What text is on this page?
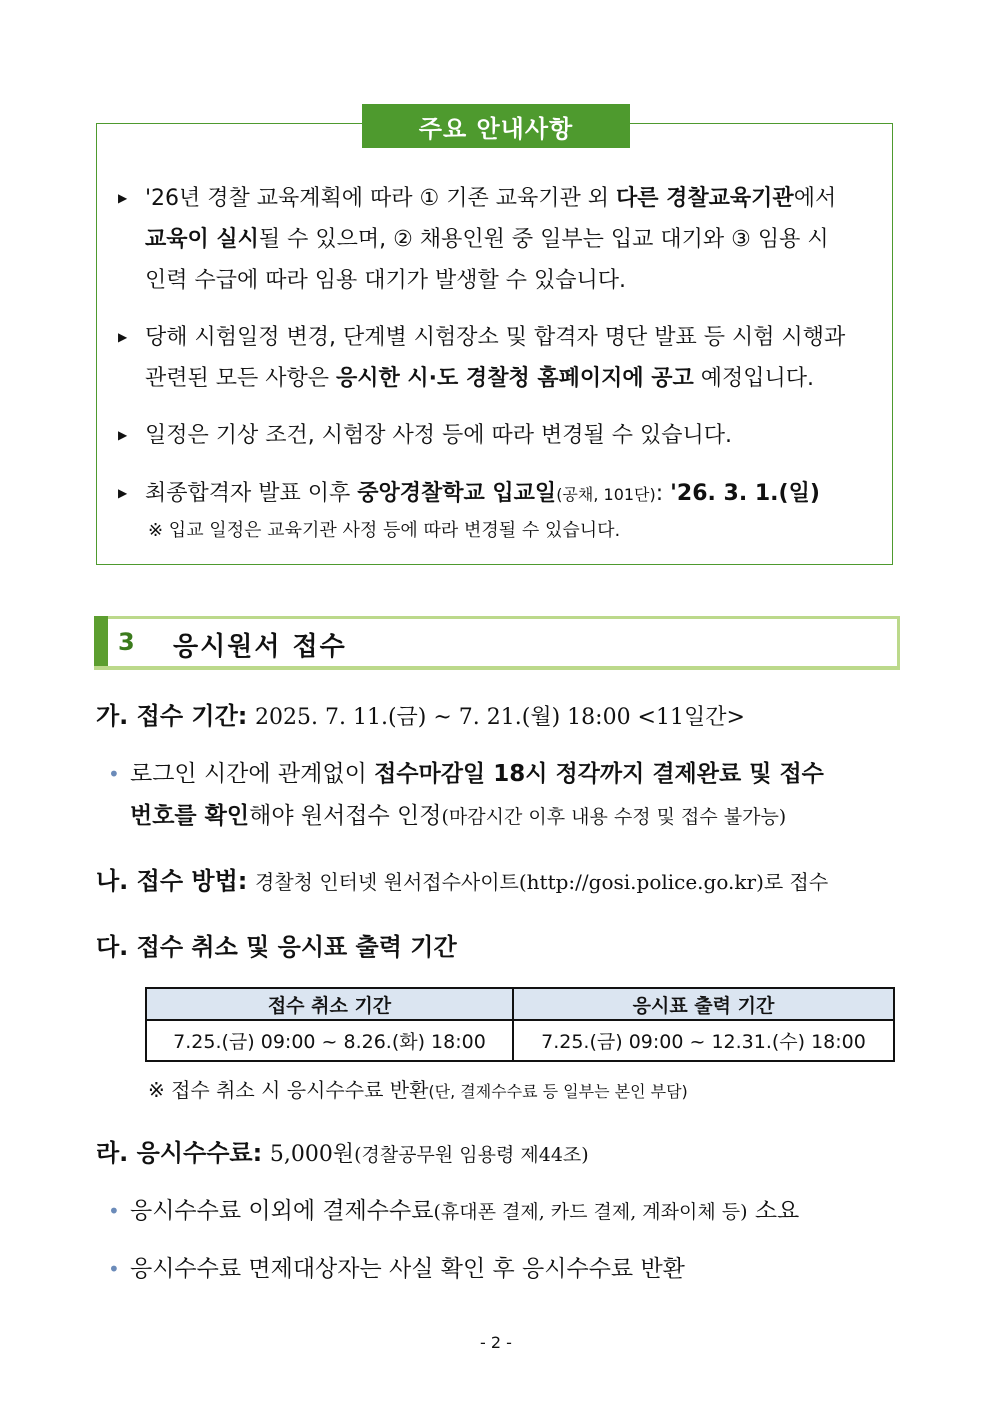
주요 안내사항
▶ '26년 경찰 교육계획에 따라 ① 기존 교육기관 외 다른 경찰교육기관에서
교육이 실시될 수 있으며, ② 채용인원 중 일부는 입교 대기와 ③ 임용 시
인력 수급에 따라 임용 대기가 발생할 수 있습니다.
▶ 당해 시험일정 변경, 단계별 시험장소 및 합격자 명단 발표 등 시험 시행과
관련된 모든 사항은 응시한 시·도 경찰청 홈페이지에 공고 예정입니다.
▶ 일정은 기상 조건, 시험장 사정 등에 따라 변경될 수 있습니다.
▶ 최종합격자 발표 이후 중앙경찰학교 입교일(공채, 101단): '26. 3. 1.(일)
※ 입교 일정은 교육기관 사정 등에 따라 변경될 수 있습니다.
3 응시원서 접수
가. 접수 기간: 2025. 7. 11.(금) ~ 7. 21.(월) 18:00 <11일간>
• 로그인 시간에 관계없이 접수마감일 18시 정각까지 결제완료 및 접수
번호를 확인해야 원서접수 인정(마감시간 이후 내용 수정 및 접수 불가능)
나. 접수 방법: 경찰청 인터넷 원서접수사이트(http://gosi.police.go.kr)로 접수
다. 접수 취소 및 응시표 출력 기간
접수 취소 기간	응시표 출력 기간
7.25.(금) 09:00 ~ 8.26.(화) 18:00	7.25.(금) 09:00 ~ 12.31.(수) 18:00
※ 접수 취소 시 응시수수료 반환(단, 결제수수료 등 일부는 본인 부담)
라. 응시수수료: 5,000원(경찰공무원 임용령 제44조)
• 응시수수료 이외에 결제수수료(휴대폰 결제, 카드 결제, 계좌이체 등) 소요
• 응시수수료 면제대상자는 사실 확인 후 응시수수료 반환
- 2 -
